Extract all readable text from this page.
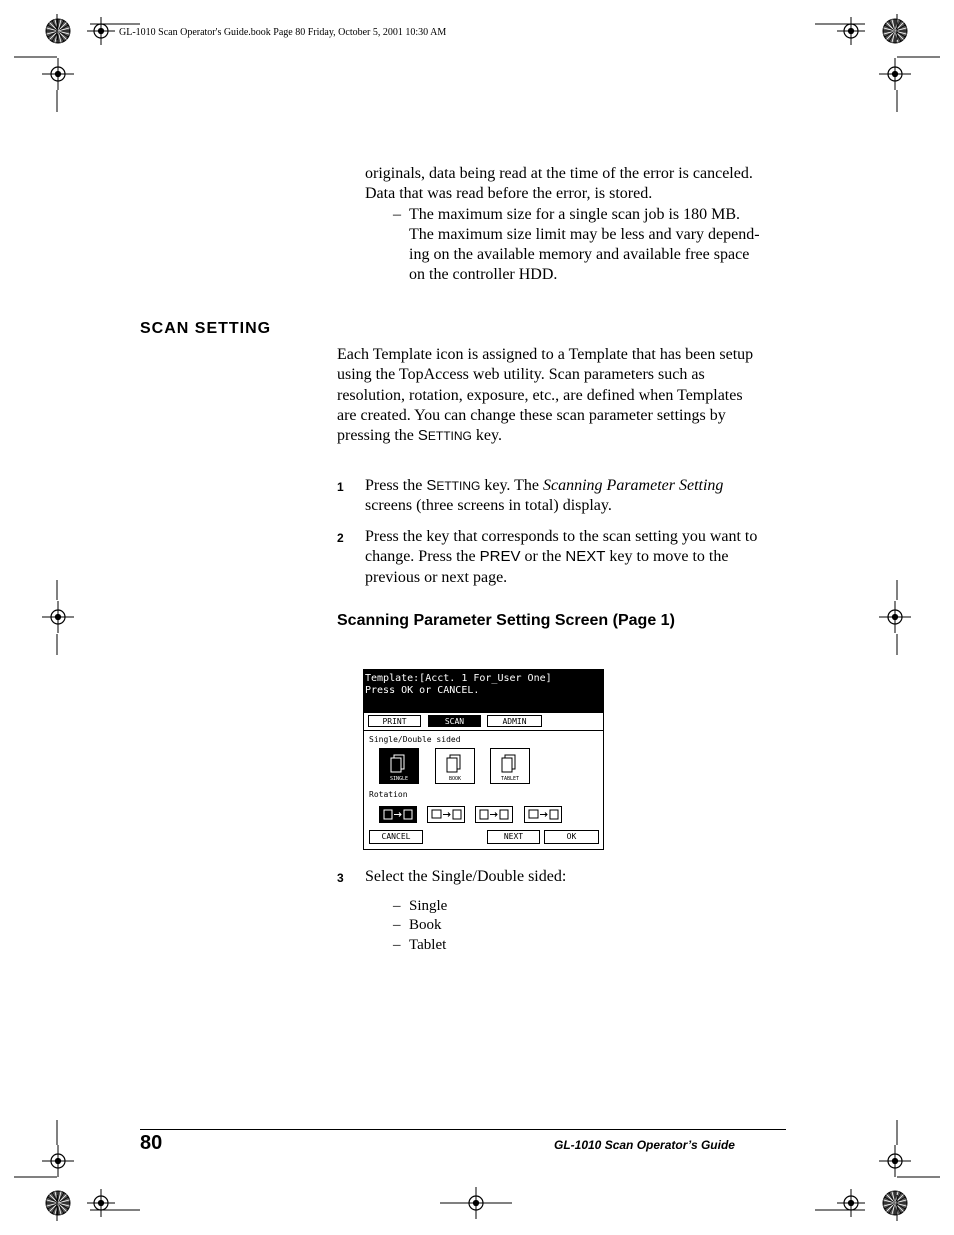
GL-1010 Scan Operator's Guide.book Page 80 Friday, October 5, 2001 10:30 AM
originals, data being read at the time of the error is canceled.
Data that was read before the error, is stored.
– The maximum size for a single scan job is 180 MB.
The maximum size limit may be less and vary depend-
ing on the available memory and available free space
on the controller HDD.
SCAN SETTING
Each Template icon is assigned to a Template that has been setup
using the TopAccess web utility. Scan parameters such as
resolution, rotation, exposure, etc., are defined when Templates
are created. You can change these scan parameter settings by
pressing the SETTING key.
1 Press the SETTING key. The Scanning Parameter Setting
screens (three screens in total) display.
2 Press the key that corresponds to the scan setting you want to
change. Press the PREV or the NEXT key to move to the
previous or next page.
Scanning Parameter Setting Screen (Page 1)
Template:[Acct. 1 For_User One]
Press OK or CANCEL.
PRINT	SCAN	ADMIN
Single/Double sided
SINGLE	BOOK	TABLET
Rotation
CANCEL	NEXT	OK
3 Select the Single/Double sided:
– Single
– Book
– Tablet
80	GL-1010 Scan Operator’s Guide
